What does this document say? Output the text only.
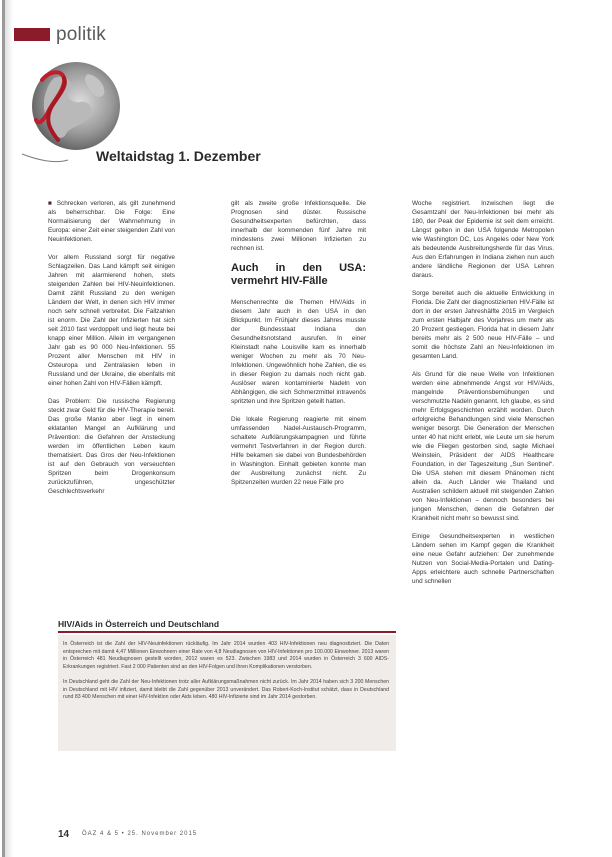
politik
Weltaidstag 1. Dezember

■ Schrecken verloren, als gilt zunehmend als beherrschbar. Die Folge: Eine Normalisierung der Wahrnehmung in Europa: einer Zeit einer steigenden Zahl von Neuinfektionen.

Vor allem Russland sorgt für negative Schlagzeilen. Das Land kämpft seit einigen Jahren mit alarmierend hohen, stets steigenden Zahlen bei HIV-Neuinfektionen. Damit zählt Russland zu den wenigen Ländern der Welt, in denen sich HIV immer noch sehr schnell verbreitet. Die Fallzahlen ist enorm. Die Zahl der Infizierten hat sich seit 2010 fast verdoppelt und liegt heute bei knapp einer Million. Allein im vergangenen Jahr gab es 90 000 Neu-Infektionen. 55 Prozent aller Menschen mit HIV in Osteuropa und Zentralasien leben in Russland und der Ukraine, die ebenfalls mit einer hohen Zahl von HIV-Fällen kämpft.

Das Problem: Die russische Regierung steckt zwar Geld für die HIV-Therapie bereit. Das große Manko aber liegt in einem eklatanten Mangel an Aufklärung und Prävention: die Gefahren der Ansteckung werden im öffentlichen Leben kaum thematisiert. Das Gros der Neu-Infektionen ist auf den Gebrauch von verseuchten Spritzen beim Drogenkonsum zurückzuführen, ungeschützter Geschlechtsverkehr

gilt als zweite große Infektionsquelle. Die Prognosen sind düster. Russische Gesundheitsexperten befürchten, dass innerhalb der kommenden fünf Jahre mit mindestens zwei Millionen Infizierten zu rechnen ist.

Auch in den USA: vermehrt HIV-Fälle

Menschenrechte die Themen HIV/Aids in diesem Jahr auch in den USA in den Blickpunkt. Im Frühjahr dieses Jahres musste der Bundesstaat Indiana den Gesundheitsnotstand ausrufen. In einer Kleinstadt nahe Louisville kam es innerhalb weniger Wochen zu mehr als 70 Neu-Infektionen. Ungewöhnlich hohe Zahlen, die es in dieser Region zu damals noch nicht gab. Auslöser waren kontaminierte Nadeln von Abhängigen, die sich Schmerzmittel intravenös spritzten und ihre Spritzen geteilt hatten.

Die lokale Regierung reagierte mit einem umfassenden Nadel-Austausch-Programm, schaltete Aufklärungskampagnen und führte vermehrt Testverfahren in der Region durch. Hilfe bekamen sie dabei von Bundesbehörden in Washington. Einhalt gebieten konnte man der Ausbreitung zunächst nicht. Zu Spitzenzeiten wurden 22 neue Fälle pro

Woche registriert. Inzwischen liegt die Gesamtzahl der Neu-Infektionen bei mehr als 180, der Peak der Epidemie ist seit dem erreicht. Längst gelten in den USA folgende Metropolen wie Washington DC, Los Angeles oder New York als bedeutende Ausbreitungsherde für das Virus. Aus den Erfahrungen in Indiana ziehen nun auch andere ländliche Regionen der USA Lehren daraus.

Sorge bereitet auch die aktuelle Entwicklung in Florida. Die Zahl der diagnostizierten HIV-Fälle ist dort in der ersten Jahreshälfte 2015 im Vergleich zum ersten Halbjahr des Vorjahres um mehr als 20 Prozent gestiegen. Florida hat in diesem Jahr bereits mehr als 2 500 neue HIV-Fälle – und somit die höchste Zahl an Neu-Infektionen im gesamten Land.

Als Grund für die neue Welle von Infektionen werden eine abnehmende Angst vor HIV/Aids, mangelnde Präventionsbemühungen und verschmutzte Nadeln genannt. Ich glaube, es sind mehr Erfolgsgeschichten erzählt worden. Durch erfolgreiche Behandlungen sind viele Menschen weniger besorgt. Die Generation der Menschen unter 40 hat nicht erlebt, wie Leute um sie herum wie die Fliegen gestorben sind, sagte Michael Weinstein, Präsident der AIDS Healthcare Foundation, in der Tageszeitung „Sun Sentinel“. Die USA stehen mit diesem Phänomen nicht allein da. Auch Länder wie Thailand und Australien schildern aktuell mit steigenden Zahlen von Neu-Infektionen – dennoch besonders bei jungen Menschen, denen die Gefahren der Krankheit nicht mehr so bewusst sind.

Einige Gesundheitsexperten in westlichen Ländern sehen im Kampf gegen die Krankheit eine neue Gefahr aufziehen: Der zunehmende Nutzen von Social-Media-Portalen und Dating-Apps erleichtere auch schnelle Partnerschaften und schnellen

HIV/Aids in Österreich und Deutschland

In Österreich ist die Zahl der HIV-Neuinfektionen rückläufig. Im Jahr 2014 wurden 403 HIV-Infektionen neu diagnostiziert. Die Daten entsprechen mit damit 4,47 Millionen Einwohnern einer Rate von 4,8 Neudiagnosen von HIV-Infektionen pro 100.000 Einwohner. 2013 waren in Österreich 481 Neudiagnosen gestellt worden, 2012 waren es 523. Zwischen 1983 und 2014 wurden in Österreich 3 600 AIDS-Erkrankungen registriert. Fast 2 000 Patienten sind an den HIV-Folgen und ihren Komplikationen verstorben.

In Deutschland geht die Zahl der Neu-Infektionen trotz aller Aufklärungsmaßnahmen nicht zurück. Im Jahr 2014 haben sich 3 200 Menschen in Deutschland mit HIV infiziert, damit bleibt die Zahl gegenüber 2013 unverändert. Das Robert-Koch-Institut schätzt, dass in Deutschland rund 83 400 Menschen mit einer HIV-Infektion oder Aids leben. 480 HIV-Infizierte sind im Jahr 2014 gestorben.

14 ÖAZ 4 & 5 • 25. November 2015
